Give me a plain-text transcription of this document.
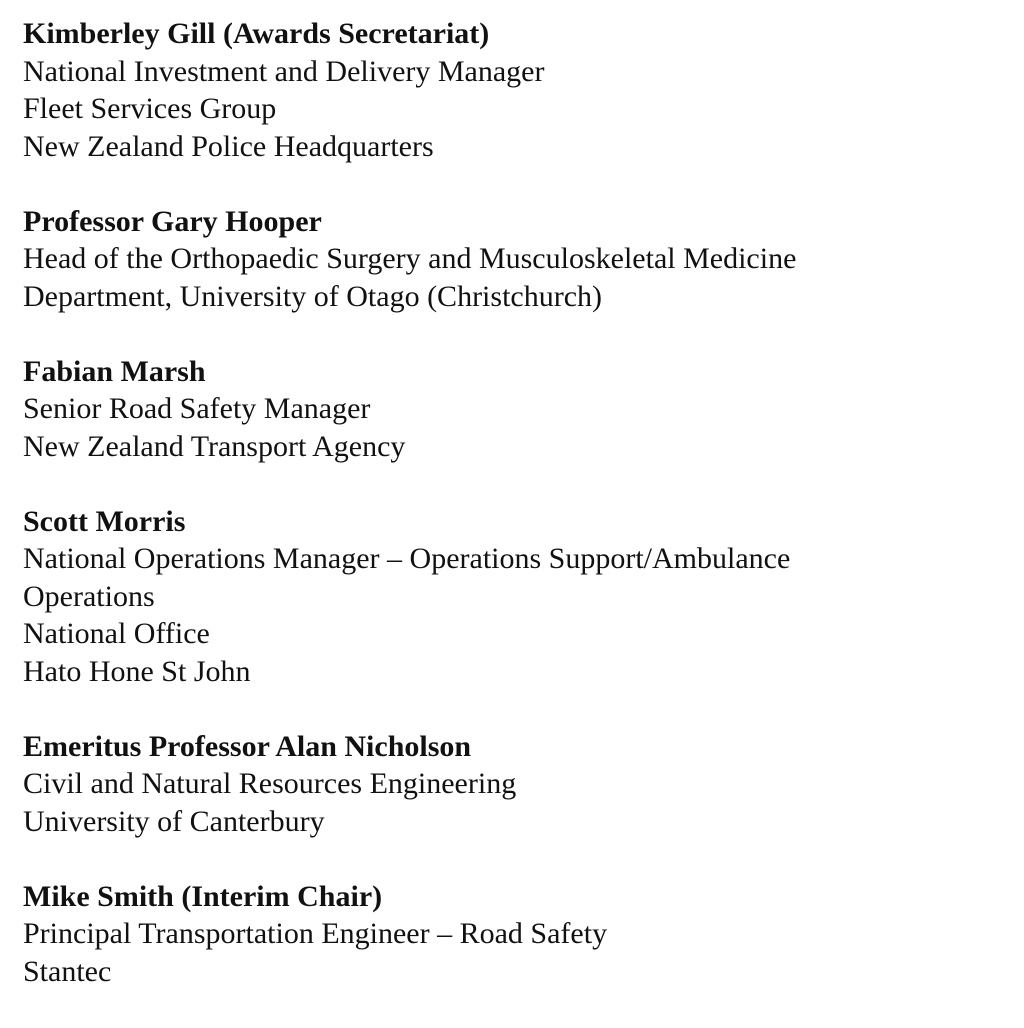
Kimberley Gill (Awards Secretariat)
National Investment and Delivery Manager
Fleet Services Group
New Zealand Police Headquarters
Professor Gary Hooper
Head of the Orthopaedic Surgery and Musculoskeletal Medicine
Department, University of Otago (Christchurch)
Fabian Marsh
Senior Road Safety Manager
New Zealand Transport Agency
Scott Morris
National Operations Manager – Operations Support/Ambulance
Operations
National Office
Hato Hone St John
Emeritus Professor Alan Nicholson
Civil and Natural Resources Engineering
University of Canterbury
Mike Smith (Interim Chair)
Principal Transportation Engineer – Road Safety
Stantec
